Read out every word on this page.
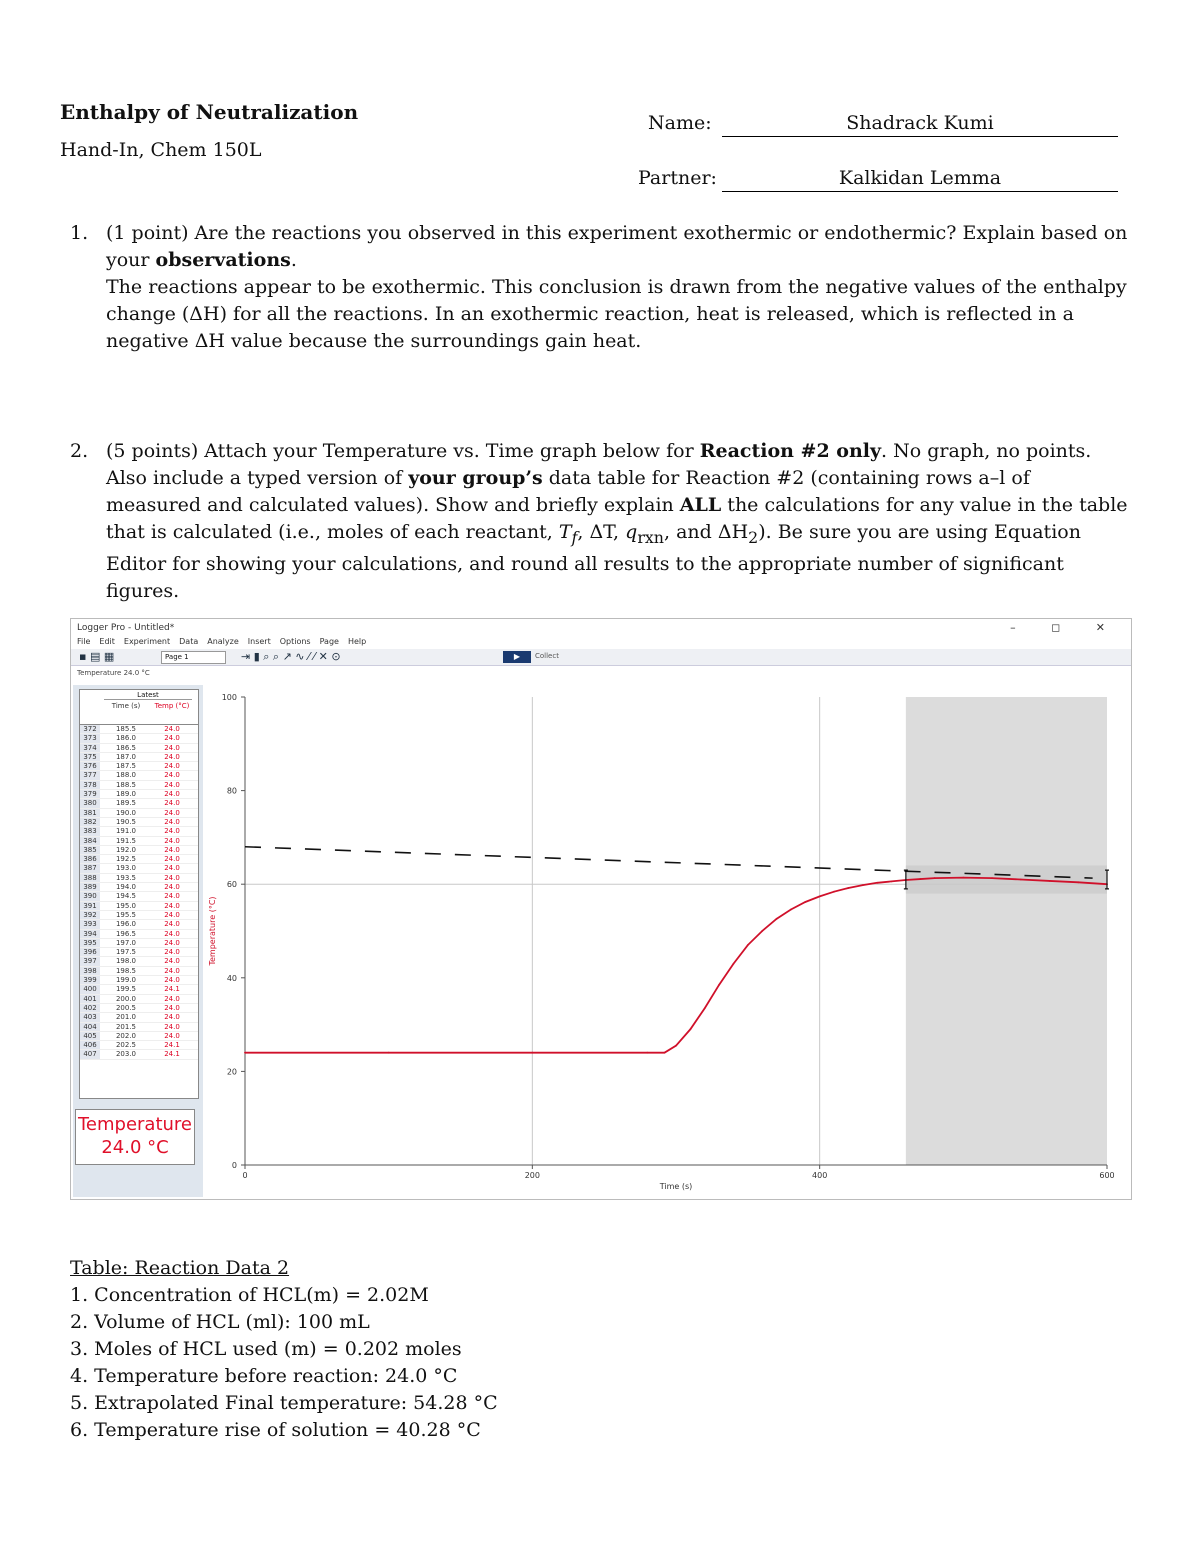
Enthalpy of Neutralization
Hand-In, Chem 150L
Name:	Shadrack Kumi
Partner:	Kalkidan Lemma
1. (1 point) Are the reactions you observed in this experiment exothermic or endothermic? Explain based on your observations.
The reactions appear to be exothermic. This conclusion is drawn from the negative values of the enthalpy change (ΔH) for all the reactions. In an exothermic reaction, heat is released, which is reflected in a negative ΔH value because the surroundings gain heat.
2. (5 points) Attach your Temperature vs. Time graph below for Reaction #2 only. No graph, no points. Also include a typed version of your group’s data table for Reaction #2 (containing rows a–l of measured and calculated values). Show and briefly explain ALL the calculations for any value in the table that is calculated (i.e., moles of each reactant, $T_f$, ΔT, $q_{rxn}$, and $\Delta H_2$). Be sure you are using Equation Editor for showing your calculations, and round all results to the appropriate number of significant figures.
Logger Pro - Untitled*	– ◻ ✕
File Edit Experiment Data Analyze Insert Options Page Help
▪ ▤ ▦	Page 1	⇥ ▮ ⌕ ⌕ ↗ ∿ ⁄ ⁄ ✕ ⊙	▶	Collect
Temperature 24.0 °C
Latest
Time (s)	Temp (°C)
372	185.5	24.0
373	186.0	24.0
374	186.5	24.0
375	187.0	24.0
376	187.5	24.0
377	188.0	24.0
378	188.5	24.0
379	189.0	24.0
380	189.5	24.0
381	190.0	24.0
382	190.5	24.0
383	191.0	24.0
384	191.5	24.0
385	192.0	24.0
386	192.5	24.0
387	193.0	24.0
388	193.5	24.0
389	194.0	24.0
390	194.5	24.0
391	195.0	24.0
392	195.5	24.0
393	196.0	24.0
394	196.5	24.0
395	197.0	24.0
396	197.5	24.0
397	198.0	24.0
398	198.5	24.0
399	199.0	24.0
400	199.5	24.1
401	200.0	24.0
402	200.5	24.0
403	201.0	24.0
404	201.5	24.0
405	202.0	24.0
406	202.5	24.1
407	203.0	24.1
Temperature
24.0 °C
0
20
40
60
80
100
0	200	400	600
Temperature (°C)
Time (s)
Table: Reaction Data 2
1. Concentration of HCL(m) = 2.02M
2. Volume of HCL (ml): 100 mL
3. Moles of HCL used (m) = 0.202 moles
4. Temperature before reaction: 24.0 °C
5. Extrapolated Final temperature: 54.28 °C
6. Temperature rise of solution = 40.28 °C
